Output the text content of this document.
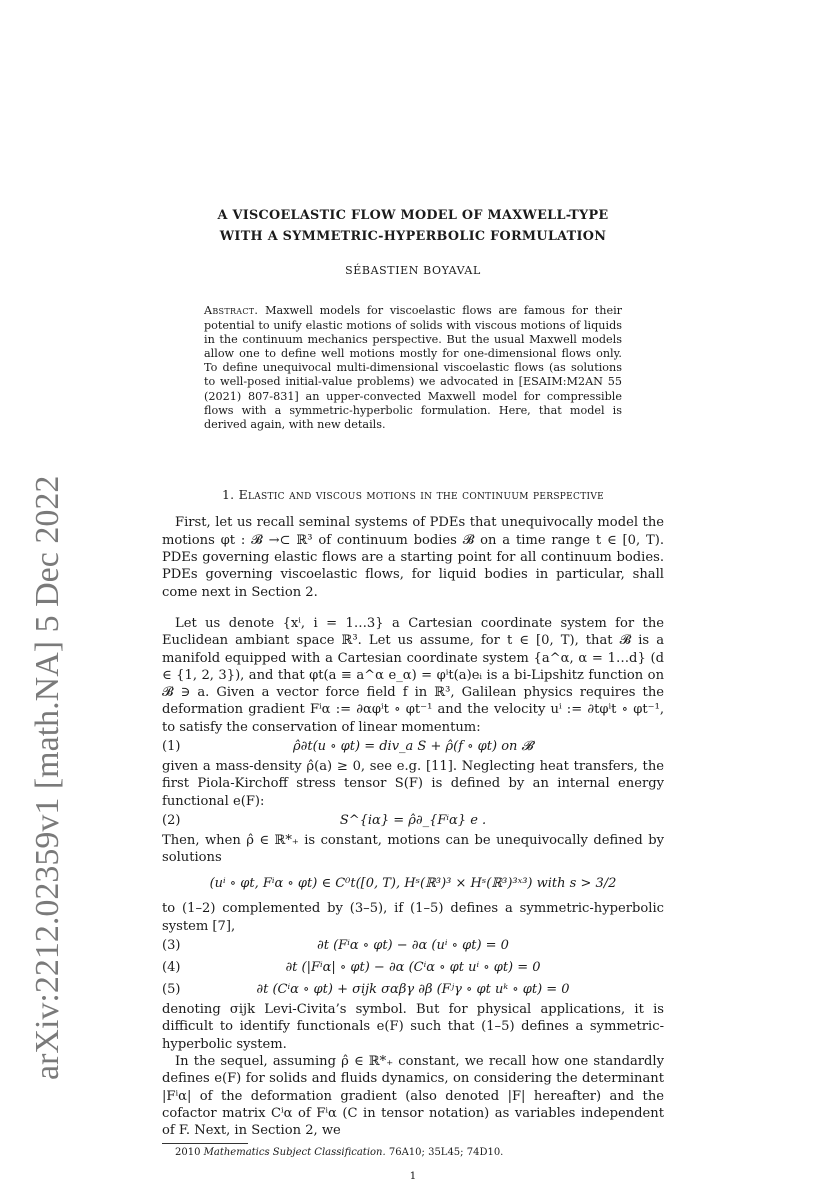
arXiv:2212.02359v1 [math.NA] 5 Dec 2022
A VISCOELASTIC FLOW MODEL OF MAXWELL-TYPE
WITH A SYMMETRIC-HYPERBOLIC FORMULATION
SÉBASTIEN BOYAVAL
Abstract. Maxwell models for viscoelastic flows are famous for their potential to unify elastic motions of solids with viscous motions of liquids in the continuum mechanics perspective. But the usual Maxwell models allow one to define well motions mostly for one-dimensional flows only. To define unequivocal multi-dimensional viscoelastic flows (as solutions to well-posed initial-value problems) we advocated in [ESAIM:M2AN 55 (2021) 807-831] an upper-convected Maxwell model for compressible flows with a symmetric-hyperbolic formulation. Here, that model is derived again, with new details.
1. Elastic and viscous motions in the continuum perspective

First, let us recall seminal systems of PDEs that unequivocally model the motions φt : 𝓑 →⊂ ℝ³ of continuum bodies 𝓑 on a time range t ∈ [0, T). PDEs governing elastic flows are a starting point for all continuum bodies. PDEs governing viscoelastic flows, for liquid bodies in particular, shall come next in Section 2.

Let us denote {xⁱ, i = 1…3} a Cartesian coordinate system for the Euclidean ambiant space ℝ³. Let us assume, for t ∈ [0, T), that 𝓑 is a manifold equipped with a Cartesian coordinate system {a^α, α = 1…d} (d ∈ {1, 2, 3}), and that φt(a ≡ a^α e_α) = φⁱt(a)eᵢ is a bi-Lipshitz function on 𝓑 ∋ a. Given a vector force field f in ℝ³, Galilean physics requires the deformation gradient Fⁱα := ∂αφⁱt ∘ φt⁻¹ and the velocity uⁱ := ∂tφⁱt ∘ φt⁻¹, to satisfy the conservation of linear momentum:

(1)	ρ̂∂t(u ∘ φt) = div_a S + ρ̂(f ∘ φt) on 𝓑

given a mass-density ρ̂(a) ≥ 0, see e.g. [11]. Neglecting heat transfers, the first Piola-Kirchoff stress tensor S(F) is defined by an internal energy functional e(F):

(2)	S^{iα} = ρ̂∂_{Fⁱα} e .

Then, when ρ̂ ∈ ℝ*₊ is constant, motions can be unequivocally defined by solutions

(uⁱ ∘ φt, Fⁱα ∘ φt) ∈ C⁰t([0, T), Hˢ(ℝ³)³ × Hˢ(ℝ³)³ˣ³) with s > 3/2

to (1–2) complemented by (3–5), if (1–5) defines a symmetric-hyperbolic system [7],

(3)	∂t (Fⁱα ∘ φt) − ∂α (uⁱ ∘ φt) = 0
(4)	∂t (|Fⁱα| ∘ φt) − ∂α (Cⁱα ∘ φt uⁱ ∘ φt) = 0
(5)	∂t (Cⁱα ∘ φt) + σijk σαβγ ∂β (Fʲγ ∘ φt uᵏ ∘ φt) = 0

denoting σijk Levi-Civita’s symbol. But for physical applications, it is difficult to identify functionals e(F) such that (1–5) defines a symmetric-hyperbolic system.

In the sequel, assuming ρ̂ ∈ ℝ*₊ constant, we recall how one standardly defines e(F) for solids and fluids dynamics, on considering the determinant |Fⁱα| of the deformation gradient (also denoted |F| hereafter) and the cofactor matrix Cⁱα of Fⁱα (C in tensor notation) as variables independent of F. Next, in Section 2, we

2010 Mathematics Subject Classification. 76A10; 35L45; 74D10.
1
